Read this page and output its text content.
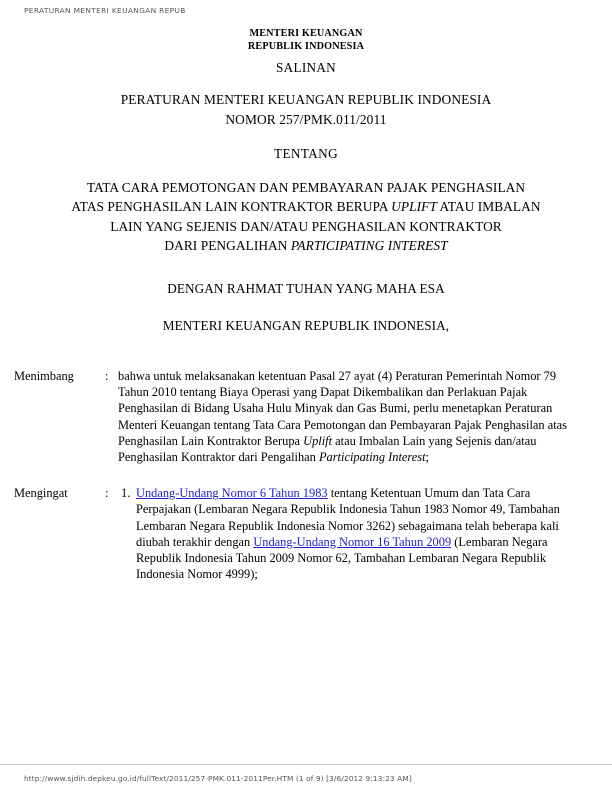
PERATURAN MENTERI KEUANGAN REPUB
MENTERI KEUANGAN
REPUBLIK INDONESIA
SALINAN
PERATURAN MENTERI KEUANGAN REPUBLIK INDONESIA
NOMOR 257/PMK.011/2011
TENTANG
TATA CARA PEMOTONGAN DAN PEMBAYARAN PAJAK PENGHASILAN
ATAS PENGHASILAN LAIN KONTRAKTOR BERUPA UPLIFT ATAU IMBALAN
LAIN YANG SEJENIS DAN/ATAU PENGHASILAN KONTRAKTOR
DARI PENGALIHAN PARTICIPATING INTEREST
DENGAN RAHMAT TUHAN YANG MAHA ESA
MENTERI KEUANGAN REPUBLIK INDONESIA,
Menimbang	: bahwa untuk melaksanakan ketentuan Pasal 27 ayat (4) Peraturan Pemerintah Nomor 79 Tahun 2010 tentang Biaya Operasi yang Dapat Dikembalikan dan Perlakuan Pajak Penghasilan di Bidang Usaha Hulu Minyak dan Gas Bumi, perlu menetapkan Peraturan Menteri Keuangan tentang Tata Cara Pemotongan dan Pembayaran Pajak Penghasilan atas Penghasilan Lain Kontraktor Berupa Uplift atau Imbalan Lain yang Sejenis dan/atau Penghasilan Kontraktor dari Pengalihan Participating Interest;
Mengingat	: 1. Undang-Undang Nomor 6 Tahun 1983 tentang Ketentuan Umum dan Tata Cara Perpajakan (Lembaran Negara Republik Indonesia Tahun 1983 Nomor 49, Tambahan Lembaran Negara Republik Indonesia Nomor 3262) sebagaimana telah beberapa kali diubah terakhir dengan Undang-Undang Nomor 16 Tahun 2009 (Lembaran Negara Republik Indonesia Tahun 2009 Nomor 62, Tambahan Lembaran Negara Republik Indonesia Nomor 4999);
http://www.sjdih.depkeu.go.id/fullText/2011/257-PMK.011-2011Per.HTM (1 of 9) [3/6/2012 9:13:23 AM]
